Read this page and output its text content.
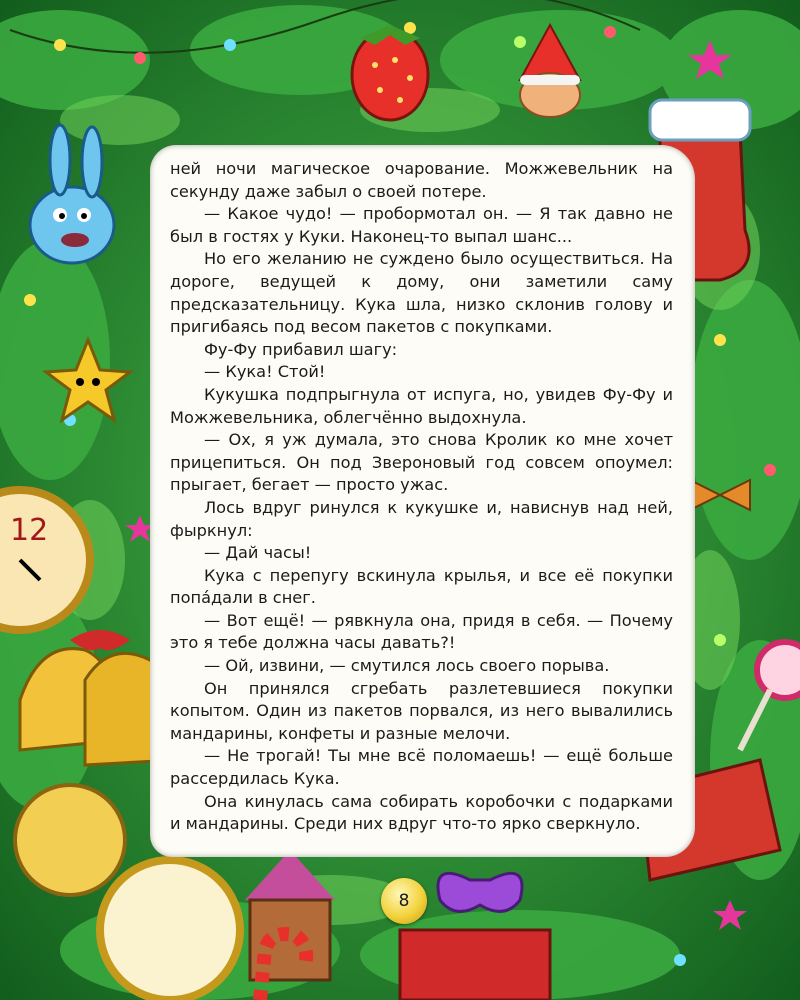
12

ней ночи магическое очарование. Можжевельник на секунду даже забыл о своей потере.

— Какое чудо! — пробормотал он. — Я так давно не был в гостях у Куки. Наконец-то выпал шанс...

Но его желанию не суждено было осуществиться. На дороге, ведущей к дому, они заметили саму предсказательницу. Кука шла, низко склонив голову и пригибаясь под весом пакетов с покупками.

Фу-Фу прибавил шагу:

— Кука! Стой!

Кукушка подпрыгнула от испуга, но, увидев Фу-Фу и Можжевельника, облегчённо выдохнула.

— Ох, я уж думала, это снова Кролик ко мне хочет прицепиться. Он под Звероновый год совсем опоумел: прыгает, бегает — просто ужас.

Лось вдруг ринулся к кукушке и, нависнув над ней, фыркнул:

— Дай часы!

Кука с перепугу вскинула крылья, и все её покупки попа́дали в снег.

— Вот ещё! — рявкнула она, придя в себя. — Почему это я тебе должна часы давать?!

— Ой, извини, — смутился лось своего порыва.

Он принялся сгребать разлетевшиеся покупки копытом. Один из пакетов порвался, из него вывалились мандарины, конфеты и разные мелочи.

— Не трогай! Ты мне всё поломаешь! — ещё больше рассердилась Кука.

Она кинулась сама собирать коробочки с подарками и мандарины. Среди них вдруг что-то ярко сверкнуло.

8
